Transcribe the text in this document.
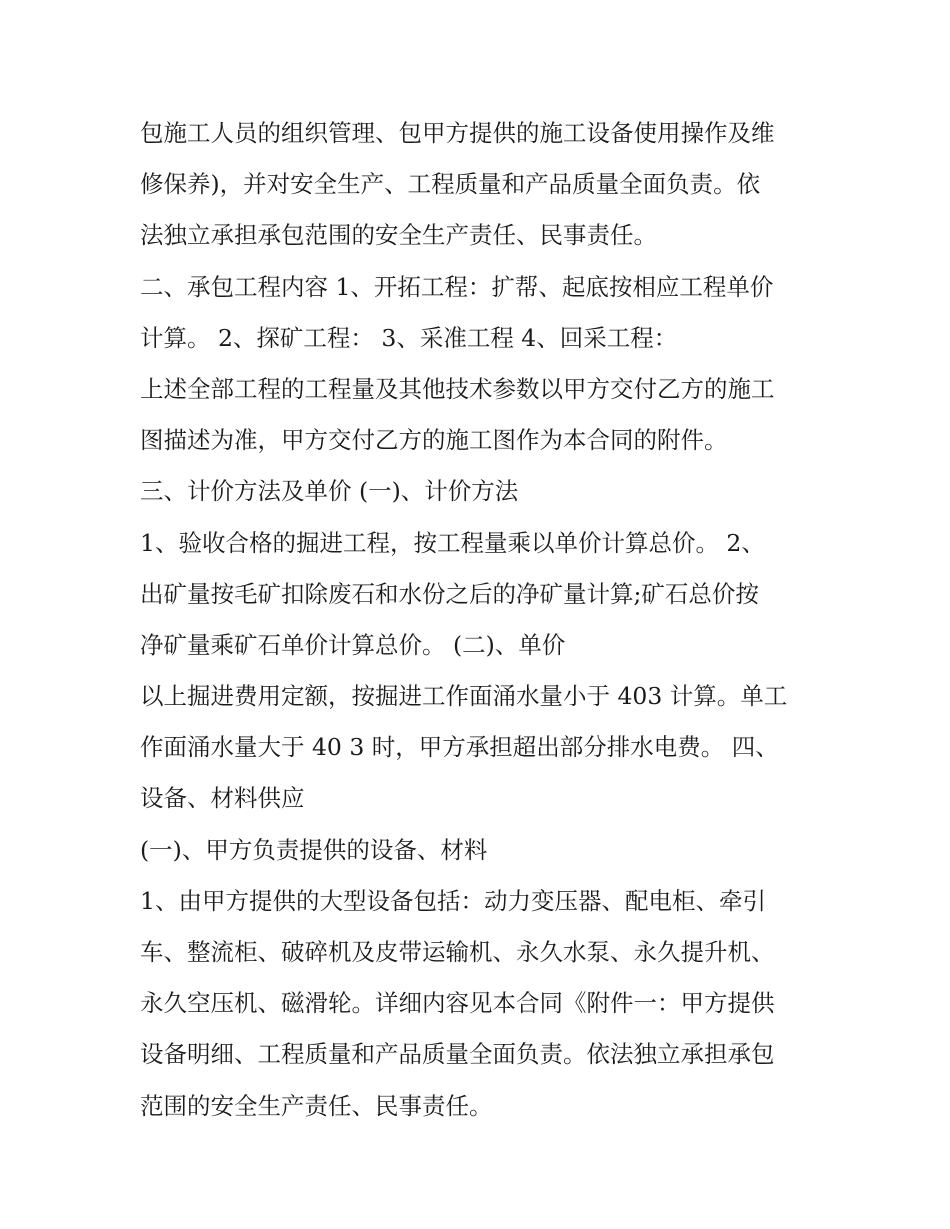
包施工人员的组织管理、包甲方提供的施工设备使用操作及维
修保养)，并对安全生产、工程质量和产品质量全面负责。依
法独立承担承包范围的安全生产责任、民事责任。
二、承包工程内容 1、开拓工程：扩帮、起底按相应工程单价
计算。 2、探矿工程： 3、采准工程 4、回采工程：
上述全部工程的工程量及其他技术参数以甲方交付乙方的施工
图描述为准，甲方交付乙方的施工图作为本合同的附件。
三、计价方法及单价 (一)、计价方法
1、验收合格的掘进工程，按工程量乘以单价计算总价。 2、
出矿量按毛矿扣除废石和水份之后的净矿量计算;矿石总价按
净矿量乘矿石单价计算总价。 (二)、单价
以上掘进费用定额，按掘进工作面涌水量小于 403 计算。单工
作面涌水量大于 40 3 时，甲方承担超出部分排水电费。 四、
设备、材料供应
(一)、甲方负责提供的设备、材料
1、由甲方提供的大型设备包括：动力变压器、配电柜、牵引
车、整流柜、破碎机及皮带运输机、永久水泵、永久提升机、
永久空压机、磁滑轮。详细内容见本合同《附件一：甲方提供
设备明细、工程质量和产品质量全面负责。依法独立承担承包
范围的安全生产责任、民事责任。
